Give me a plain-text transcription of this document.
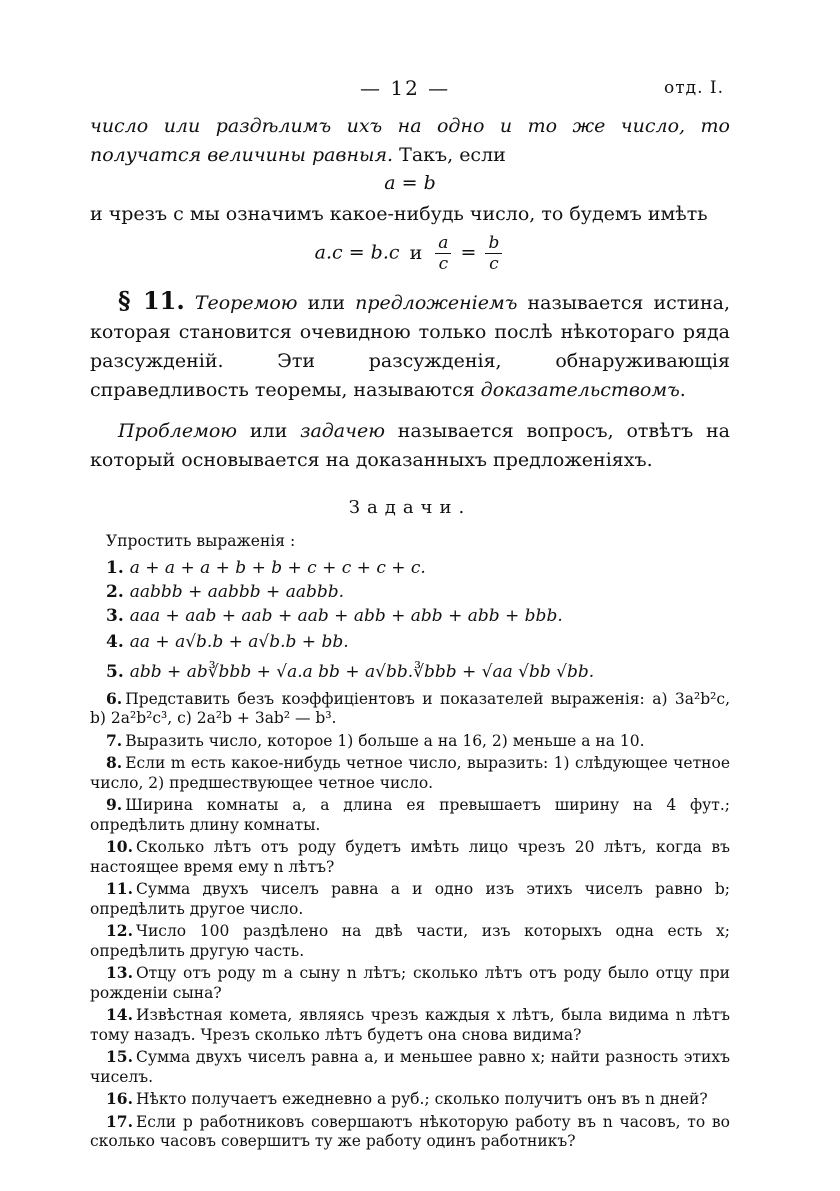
— 12 —	отд. I.

число или раздѣлимъ ихъ на одно и то же число, то получатся величины равныя. Такъ, если

a = b

и чрезъ c мы означимъ какое-нибудь число, то будемъ имѣть

a.c = b.c и $\frac{a}{c} = \frac{b}{c}$

§ 11. Теоремою или предложеніемъ называется истина, которая становится очевидною только послѣ нѣкотораго ряда разсужденій. Эти разсужденія, обнаруживающія справедливость теоремы, называются доказательствомъ.

Проблемою или задачею называется вопросъ, отвѣтъ на который основывается на доказанныхъ предложеніяхъ.

Задачи.

Упростить выраженія :

1. a + a + a + b + b + c + c + c + c.

2. aabbb + aabbb + aabbb.

3. aaa + aab + aab + aab + abb + abb + abb + bbb.

4. aa + a√b.b + a√b.b + bb.

5. abb + ab∛bbb + √a.a bb + a√bb.∛bbb + √aa √bb √bb.

6. Представить безъ коэффиціентовъ и показателей выраженія: a) 3a²b²c, b) 2a²b²c³, c) 2a²b + 3ab² — b³.

7. Выразить число, которое 1) больше a на 16, 2) меньше a на 10.

8. Если m есть какое-нибудь четное число, выразить: 1) слѣдующее четное число, 2) предшествующее четное число.

9. Ширина комнаты a, а длина ея превышаетъ ширину на 4 фут.; опредѣлить длину комнаты.

10. Сколько лѣтъ отъ роду будетъ имѣть лицо чрезъ 20 лѣтъ, когда въ настоящее время ему n лѣтъ?

11. Сумма двухъ чиселъ равна a и одно изъ этихъ чиселъ равно b; опредѣлить другое число.

12. Число 100 раздѣлено на двѣ части, изъ которыхъ одна есть x; опредѣлить другую часть.

13. Отцу отъ роду m а сыну n лѣтъ; сколько лѣтъ отъ роду было отцу при рожденіи сына?

14. Извѣстная комета, являясь чрезъ каждыя x лѣтъ, была видима n лѣтъ тому назадъ. Чрезъ сколько лѣтъ будетъ она снова видима?

15. Сумма двухъ чиселъ равна a, и меньшее равно x; найти разность этихъ чиселъ.

16. Нѣкто получаетъ ежедневно a руб.; сколько получитъ онъ въ n дней?

17. Если p работниковъ совершаютъ нѣкоторую работу въ n часовъ, то во сколько часовъ совершитъ ту же работу одинъ работникъ?
